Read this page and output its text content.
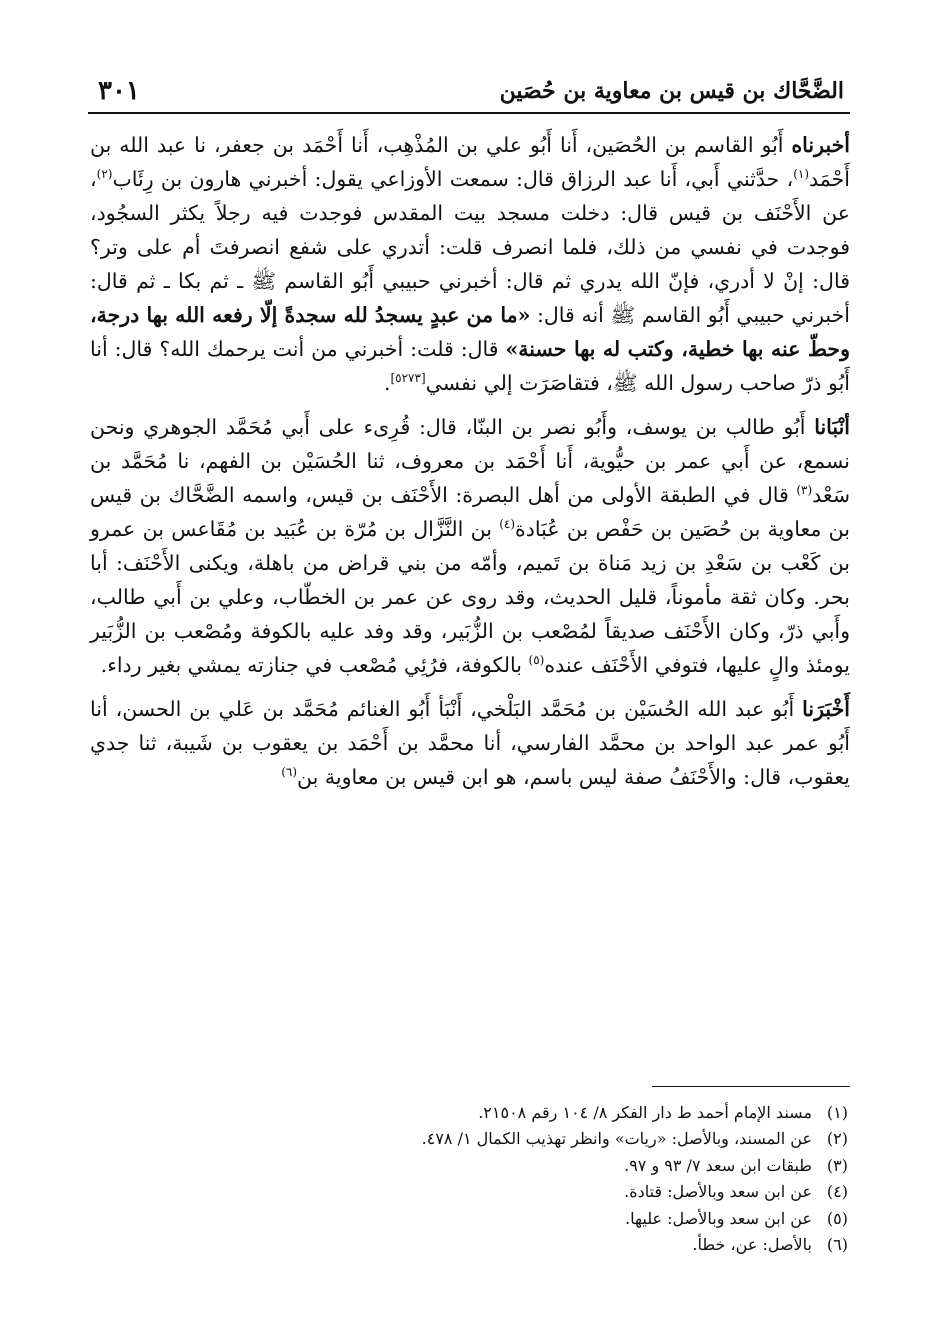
٣٠١	الضَّحَّاك بن قيس بن معاوية بن حُصَين

أخبرناه أَبُو القاسم بن الحُصَين، أَنا أَبُو علي بن المُذْهِب، أَنا أَحْمَد بن جعفر، نا عبد الله بن أَحْمَد$^{(١)}$، حدَّثني أَبي، أَنا عبد الرزاق قال: سمعت الأوزاعي يقول: أخبرني هارون بن رِئَاب$^{(٢)}$، عن الأَحْنَف بن قيس قال: دخلت مسجد بيت المقدس فوجدت فيه رجلاً يكثر السجُود، فوجدت في نفسي من ذلك، فلما انصرف قلت: أتدري على شفع انصرفتَ أم على وتر؟ قال: إنْ لا أدري، فإنّ الله يدري ثم قال: أخبرني حبيبي أَبُو القاسم ﷺ ـ ثم بكا ـ ثم قال: أخبرني حبيبي أَبُو القاسم ﷺ أنه قال: «ما من عبدٍ يسجدُ لله سجدةً إلّا رفعه الله بها درجة، وحطّ عنه بها خطية، وكتب له بها حسنة» قال: قلت: أخبرني من أنت يرحمك الله؟ قال: أنا أَبُو ذرّ صاحب رسول الله ﷺ، فتقاصَرَت إلي نفسي[٥٢٧٣].

أنْبَانا أَبُو طالب بن يوسف، وأَبُو نصر بن البنّا، قال: قُرِىء على أَبي مُحَمَّد الجوهري ونحن نسمع، عن أَبي عمر بن حيُّوية، أَنا أَحْمَد بن معروف، ثنا الحُسَيْن بن الفهم، نا مُحَمَّد بن سَعْد$^{(٣)}$ قال في الطبقة الأولى من أهل البصرة: الأَحْنَف بن قيس، واسمه الضَّحَّاك بن قيس بن معاوية بن حُصَين بن حَفْص بن عُبَادة$^{(٤)}$ بن النَّزَّال بن مُرّة بن عُبَيد بن مُقَاعس بن عمرو بن كَعْب بن سَعْدِ بن زيد مَناة بن تَميم، وأمّه من بني قراض من باهلة، ويكنى الأَحْنَف: أبا بحر. وكان ثقة مأموناً، قليل الحديث، وقد روى عن عمر بن الخطّاب، وعلي بن أَبي طالب، وأَبي ذرّ، وكان الأَحْنَف صديقاً لمُصْعب بن الزُّبَير، وقد وفد عليه بالكوفة ومُصْعب بن الزُّبَير يومئذ والٍ عليها، فتوفي الأَحْنَف عنده$^{(٥)}$ بالكوفة، فرُئِي مُصْعب في جنازته يمشي بغير رداء.

أَخْبَرَنا أَبُو عبد الله الحُسَيْن بن مُحَمَّد البَلْخي، أَنْبَأ أَبُو الغنائم مُحَمَّد بن عَلي بن الحسن، أنا أَبُو عمر عبد الواحد بن محمَّد الفارسي، أنا محمَّد بن أَحْمَد بن يعقوب بن شَيبة، ثنا جدي يعقوب، قال: والأَحْنَفُ صفة ليس باسم، هو ابن قيس بن معاوية بن$^{(٦)}$

(١)
مسند الإمام أحمد ط دار الفكر ٨/ ١٠٤ رقم ٢١٥٠٨.
(٢)
عن المسند، وبالأصل: «ريات» وانظر تهذيب الكمال ١/ ٤٧٨.
(٣)
طبقات ابن سعد ٧/ ٩٣ و ٩٧.
(٤)
عن ابن سعد وبالأصل: قتادة.
(٥)
عن ابن سعد وبالأصل: عليها.
(٦)
بالأصل: عن، خطأ.
